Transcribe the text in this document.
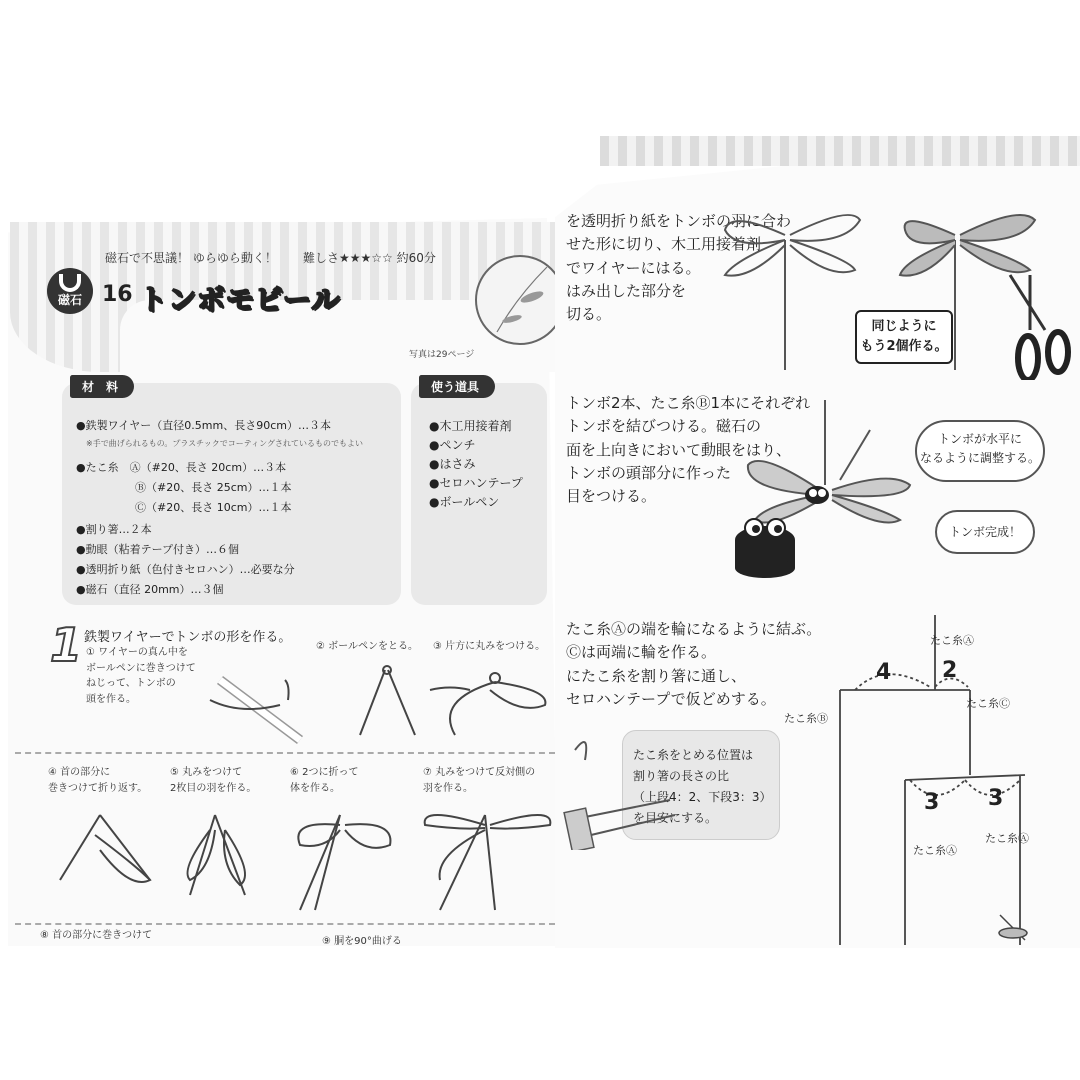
磁石
磁石で不思議！ ゆらゆら動く！ 難しさ★★★☆☆ 約60分
16 トンボモビール
写真は29ページ
材　料
●鉄製ワイヤー（直径0.5mm、長さ90cm）…３本
※手で曲げられるもの。プラスチックでコーティングされているものでもよい
●たこ糸　Ⓐ（#20、長さ 20cm）…３本
Ⓑ（#20、長さ 25cm）…１本
Ⓒ（#20、長さ 10cm）…１本
●割り箸…２本
●動眼（粘着テープ付き）…６個
●透明折り紙（色付きセロハン）…必要な分
●磁石（直径 20mm）…３個
使う道具
●木工用接着剤
●ペンチ
●はさみ
●セロハンテープ
●ボールペン
1 鉄製ワイヤーでトンボの形を作る。
① ワイヤーの真ん中を
ボールペンに巻きつけて
ねじって、トンボの
頭を作る。
② ボールペンをとる。 ③ 片方に丸みをつける。
④ 首の部分に
巻きつけて折り返す。
⑤ 丸みをつけて
2枚目の羽を作る。
⑥ 2つに折って
体を作る。
⑦ 丸みをつけて反対側の
羽を作る。
⑧ 首の部分に巻きつけて
⑨ 胴を90°曲げる
を透明折り紙をトンボの羽に合わ
せた形に切り、木工用接着剤
でワイヤーにはる。
はみ出した部分を
切る。
同じように
もう2個作る。
トンボ2本、たこ糸Ⓑ1本にそれぞれ
トンボを結びつける。磁石の
面を上向きにおいて動眼をはり、
トンボの頭部分に作った
目をつける。
トンボが水平に
なるように調整する。
トンボ完成！
たこ糸Ⓐの端を輪になるように結ぶ。
Ⓒは両端に輪を作る。
にたこ糸を割り箸に通し、
セロハンテープで仮どめする。
たこ糸をとめる位置は
割り箸の長さの比
（上段4：2、下段3：3）
を目安にする。
たこ糸Ⓐ
たこ糸Ⓑ
たこ糸Ⓒ
たこ糸Ⓐ
たこ糸Ⓐ
4 2
3 3
